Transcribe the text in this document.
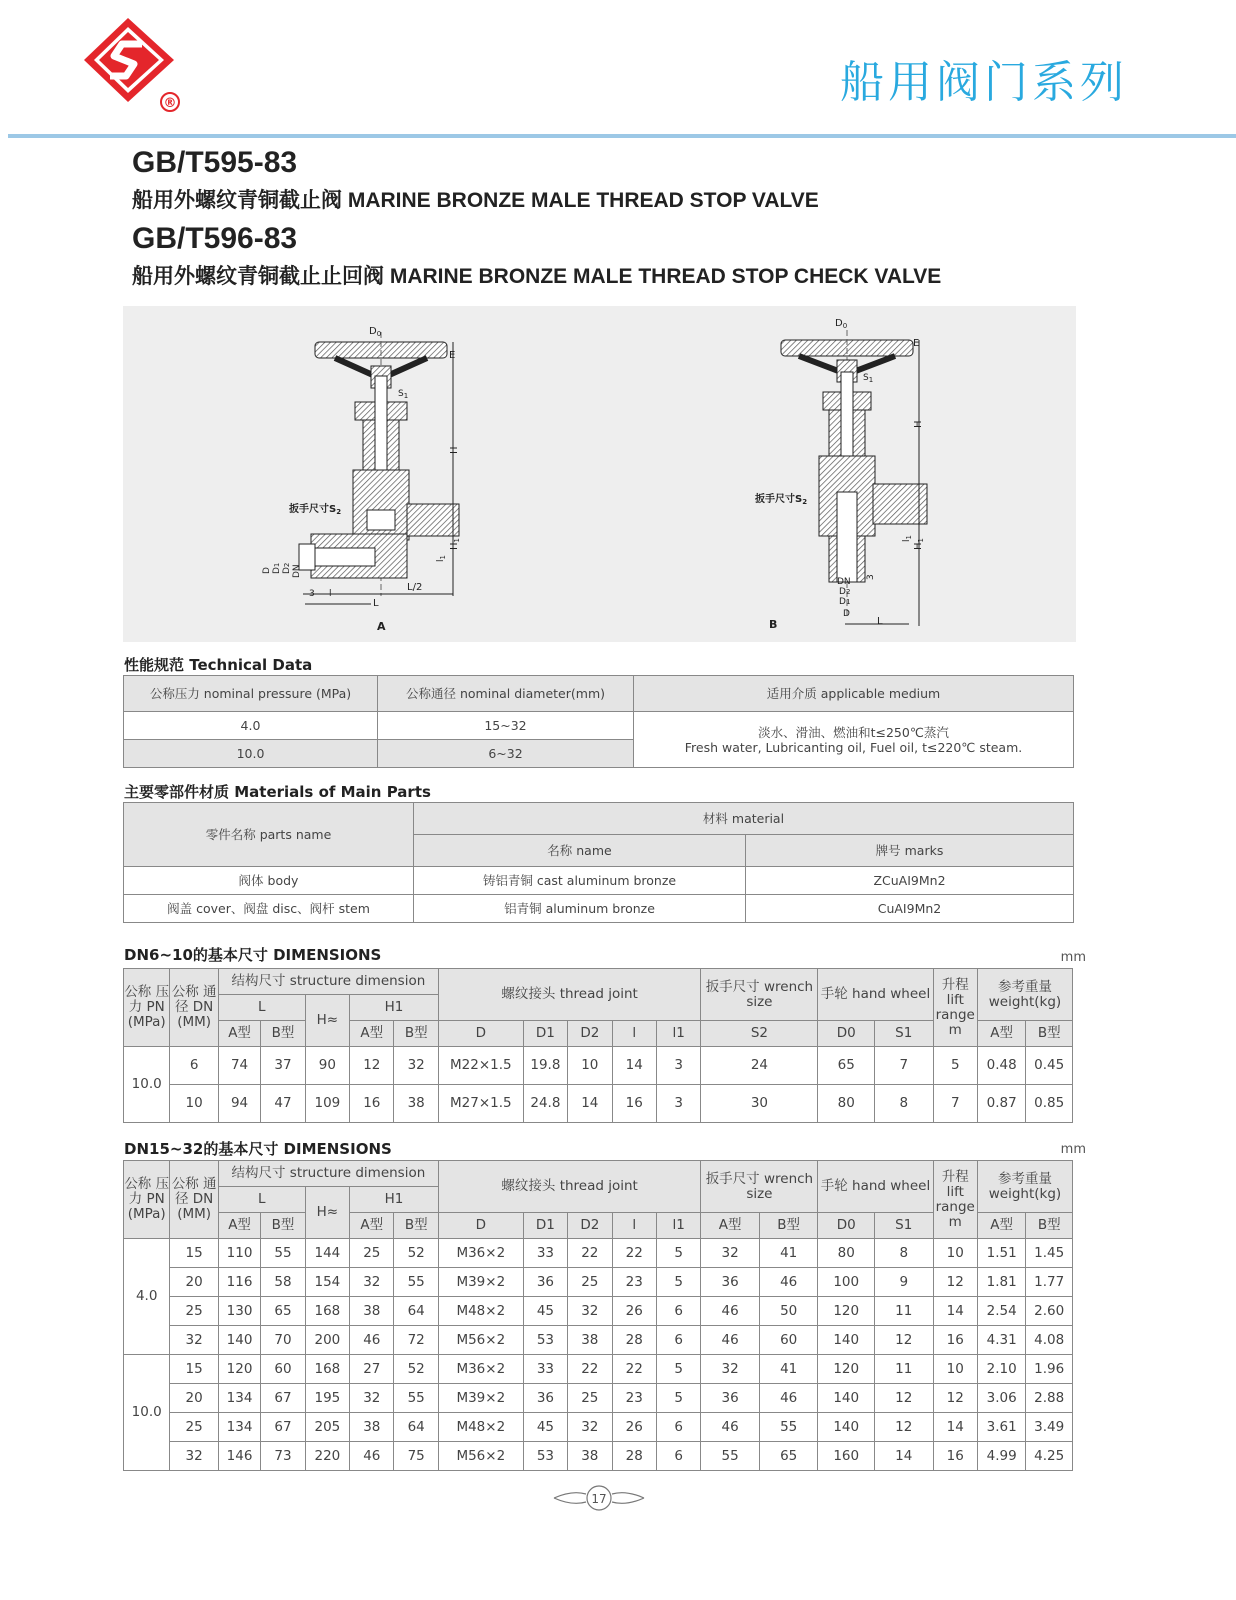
®	船用阀门系列
GB/T595-83
船用外螺纹青铜截止阀 MARINE BRONZE MALE THREAD STOP VALVE
GB/T596-83
船用外螺纹青铜截止止回阀 MARINE BRONZE MALE THREAD STOP CHECK VALVE
$D_0$
E
$S_1$
H
$H_1$
$l_1$
扳手尺寸$S_2$
3 l
L/2
L
D D1
D2 DN
A
$D_0$
E
$S_1$
H
$H_1$
$l_1$
3
扳手尺寸$S_2$
DN
D2
D1
D
L
B
性能规范 Technical Data
公称压力 nominal pressure (MPa)	公称通径 nominal diameter(mm)	适用介质 applicable medium
4.0	15~32	淡水、滑油、燃油和t≤250℃蒸汽
Fresh water, Lubricanting oil, Fuel oil, t≤220℃ steam.

10.0	6~32	
主要零部件材质 Materials of Main Parts
零件名称 parts name	材料 material	
	名称 name	牌号 marks
阀体 body	铸铝青铜 cast aluminum bronze	ZCuAI9Mn2
阀盖 cover、阀盘 disc、阀杆 stem	铝青铜 aluminum bronze	CuAI9Mn2
DN6~10的基本尺寸 DIMENSIONS	mm
公称 压力 PN (MPa)	公称 通径 DN (MM)	结构尺寸 structure dimension					螺纹接头 thread joint					扳手尺寸 wrench size	手轮 hand wheel		升程 lift range m	参考重量 weight(kg)	
		L		H≈	H1												
		A型	B型		A型	B型	D	D1	D2	l	l1	S2	D0	S1		A型	B型
10.0	6	74	37	90	12	32	M22×1.5	19.8	10	14	3	24	65	7	5	0.48	0.45
	10	94	47	109	16	38	M27×1.5	24.8	14	16	3	30	80	8	7	0.87	0.85
DN15~32的基本尺寸 DIMENSIONS	mm
公称 压力 PN (MPa)	公称 通径 DN (MM)	结构尺寸 structure dimension					螺纹接头 thread joint					扳手尺寸 wrench size		手轮 hand wheel		升程 lift range m	参考重量 weight(kg)	
		L		H≈	H1													
		A型	B型		A型	B型	D	D1	D2	l	l1	A型	B型	D0	S1		A型	B型
4.0	15	110	55	144	25	52	M36×2	33	22	22	5	32	41	80	8	10	1.51	1.45
	20	116	58	154	32	55	M39×2	36	25	23	5	36	46	100	9	12	1.81	1.77
	25	130	65	168	38	64	M48×2	45	32	26	6	46	50	120	11	14	2.54	2.60
	32	140	70	200	46	72	M56×2	53	38	28	6	46	60	140	12	16	4.31	4.08
10.0	15	120	60	168	27	52	M36×2	33	22	22	5	32	41	120	11	10	2.10	1.96
	20	134	67	195	32	55	M39×2	36	25	23	5	36	46	140	12	12	3.06	2.88
	25	134	67	205	38	64	M48×2	45	32	26	6	46	55	140	12	14	3.61	3.49
	32	146	73	220	46	75	M56×2	53	38	28	6	55	65	160	14	16	4.99	4.25
17
